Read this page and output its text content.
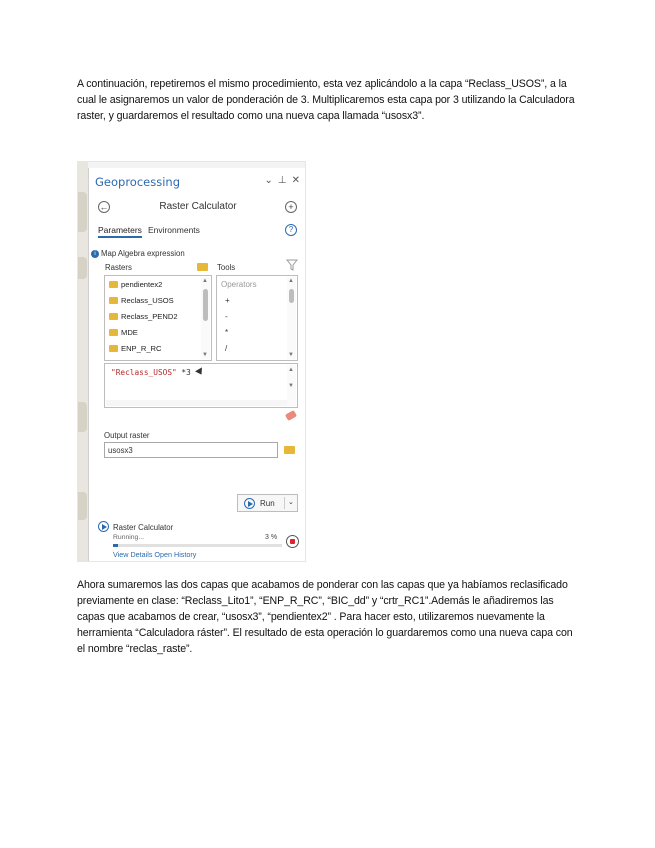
A continuación, repetiremos el mismo procedimiento, esta vez aplicándolo a la capa “Reclass_USOS”, a la cual le asignaremos un valor de ponderación de 3. Multiplicaremos esta capa por 3 utilizando la Calculadora raster, y guardaremos el resultado como una nueva capa llamada “usosx3”.

Geoprocessing	⌄ ⊥ ✕
←	Raster Calculator	+
Parameters Environments	?
i Map Algebra expression
Rasters	Tools
pendientex2
Reclass_USOS
Reclass_PEND2
MDE
ENP_R_RC
▲
▼
Operators
+
-
*
/
▲
▼
"Reclass_USOS" *3	▲
▼
Output raster
usosx3
Run ⌄
Raster Calculator
Running...	3 %
View Details Open History

Ahora sumaremos las dos capas que acabamos de ponderar con las capas que ya habíamos reclasificado previamente en clase: “Reclass_Lito1”, “ENP_R_RC”, “BIC_dd” y “crtr_RC1”.Además le añadiremos las capas que acabamos de crear, “usosx3”, “pendientex2” . Para hacer esto, utilizaremos nuevamente la herramienta “Calculadora ráster”. El resultado de esta operación lo guardaremos como una nueva capa con el nombre “reclas_raste”.
